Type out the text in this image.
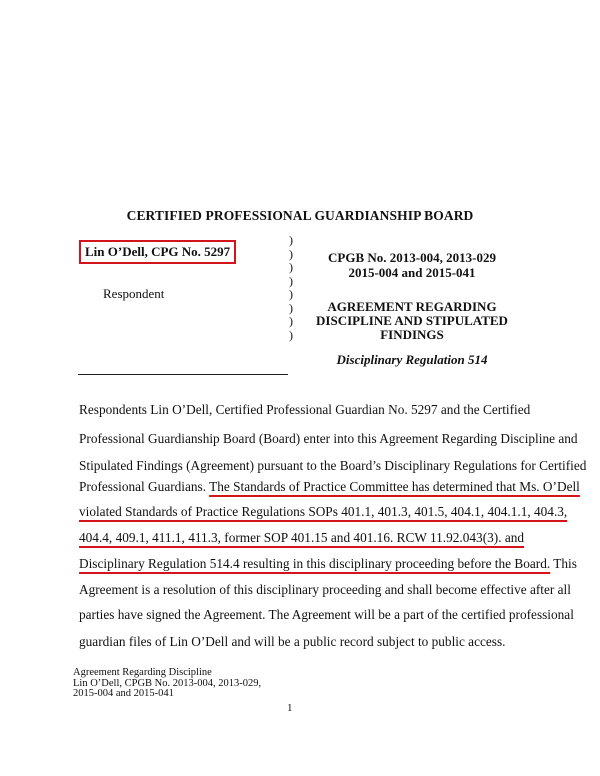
CERTIFIED PROFESSIONAL GUARDIANSHIP BOARD
Lin O’Dell, CPG No. 5297
Respondent
)
)
)
)
)
)
)
)
CPGB No. 2013-004, 2013-029
2015-004 and 2015-041
AGREEMENT REGARDING
DISCIPLINE AND STIPULATED
FINDINGS
Disciplinary Regulation 514
Respondents Lin O’Dell, Certified Professional Guardian No. 5297 and the Certified
Professional Guardianship Board (Board) enter into this Agreement Regarding Discipline and
Stipulated Findings (Agreement) pursuant to the Board’s Disciplinary Regulations for Certified
Professional Guardians. The Standards of Practice Committee has determined that Ms. O’Dell
violated Standards of Practice Regulations SOPs 401.1, 401.3, 401.5, 404.1, 404.1.1, 404.3,
404.4, 409.1, 411.1, 411.3, former SOP 401.15 and 401.16. RCW 11.92.043(3). and
Disciplinary Regulation 514.4 resulting in this disciplinary proceeding before the Board. This
Agreement is a resolution of this disciplinary proceeding and shall become effective after all
parties have signed the Agreement. The Agreement will be a part of the certified professional
guardian files of Lin O’Dell and will be a public record subject to public access.
Agreement Regarding Discipline
Lin O’Dell, CPGB No. 2013-004, 2013-029,
2015-004 and 2015-041
1
